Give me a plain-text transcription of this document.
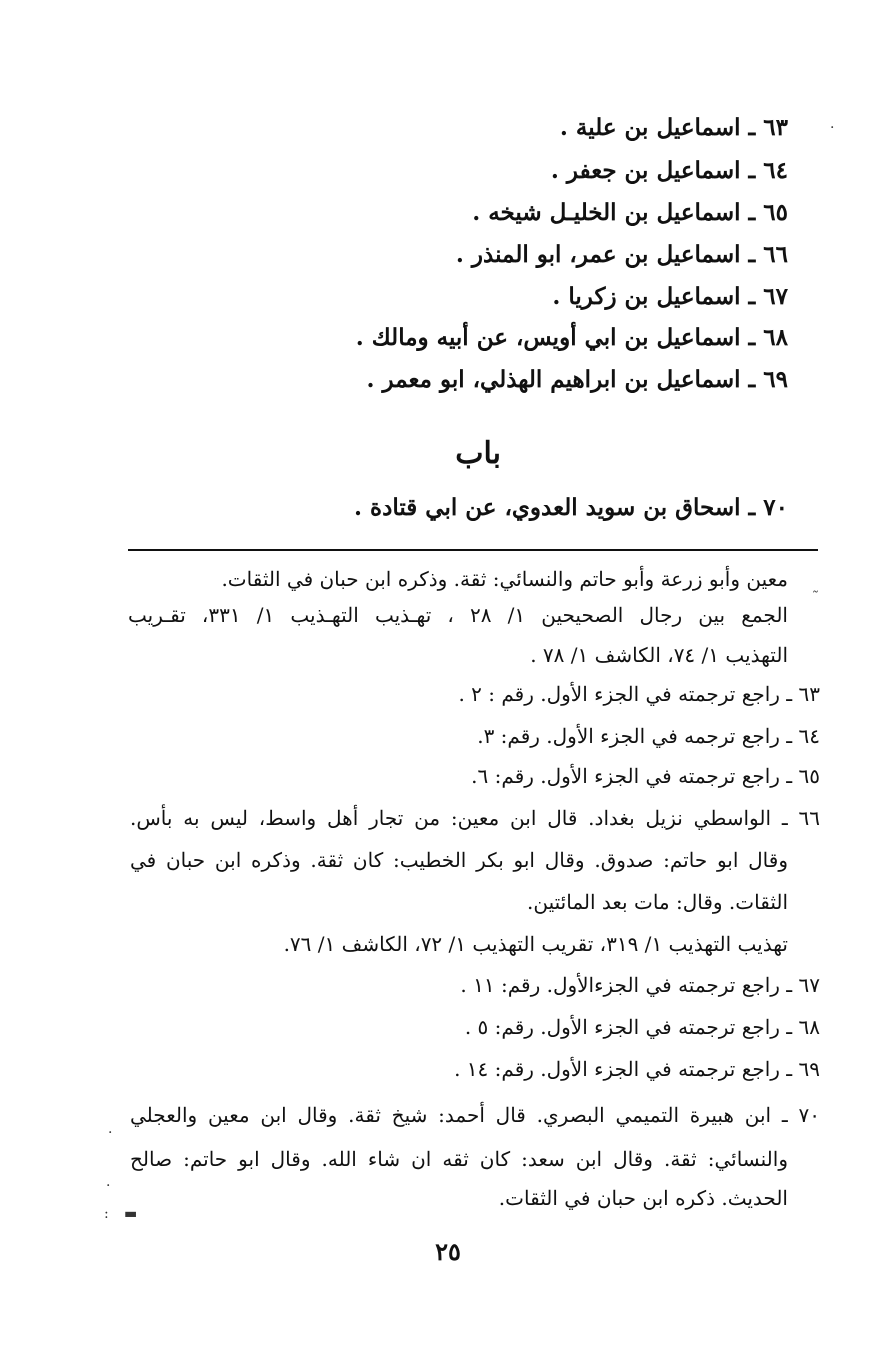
٦٣ ـ اسماعيل بن علية .
٦٤ ـ اسماعيل بن جعفر .
٦٥ ـ اسماعيل بن الخليـل شيخه .
٦٦ ـ اسماعيل بن عمر، ابو المنذر .
٦٧ ـ اسماعيل بن زكريا .
٦٨ ـ اسماعيل بن ابي أويس، عن أبيه ومالك .
٦٩ ـ اسماعيل بن ابراهيم الهذلي، ابو معمر .
باب
٧٠ ـ اسحاق بن سويد العدوي، عن ابي قتادة .
معين وأبو زرعة وأبو حاتم والنسائي: ثقة. وذكره ابن حبان في الثقات.
الجمع بين رجال الصحيحين ١/ ٢٨ ، تهـذيب التهـذيب ١/ ٣٣١، تقـريب
التهذيب ١/ ٧٤، الكاشف ١/ ٧٨ .
٦٣ ـ راجع ترجمته في الجزء الأول. رقم : ٢ .
٦٤ ـ راجع ترجمه في الجزء الأول. رقم: ٣.
٦٥ ـ راجع ترجمته في الجزء الأول. رقم: ٦.
٦٦ ـ الواسطي نزيل بغداد. قال ابن معين: من تجار أهل واسط، ليس به بأس.
وقال ابو حاتم: صدوق. وقال ابو بكر الخطيب: كان ثقة. وذكره ابن حبان في
الثقات. وقال: مات بعد المائتين.
تهذيب التهذيب ١/ ٣١٩، تقريب التهذيب ١/ ٧٢، الكاشف ١/ ٧٦.
٦٧ ـ راجع ترجمته في الجزءالأول. رقم: ١١ .
٦٨ ـ راجع ترجمته في الجزء الأول. رقم: ٥ .
٦٩ ـ راجع ترجمته في الجزء الأول. رقم: ١٤ .
٧٠ ـ ابن هبيرة التميمي البصري. قال أحمد: شيخ ثقة. وقال ابن معين والعجلي
والنسائي: ثقة. وقال ابن سعد: كان ثقه ان شاء الله. وقال ابو حاتم: صالح
الحديث. ذكره ابن حبان في الثقات.
٢٥
·
˷
·
·
: ▬
